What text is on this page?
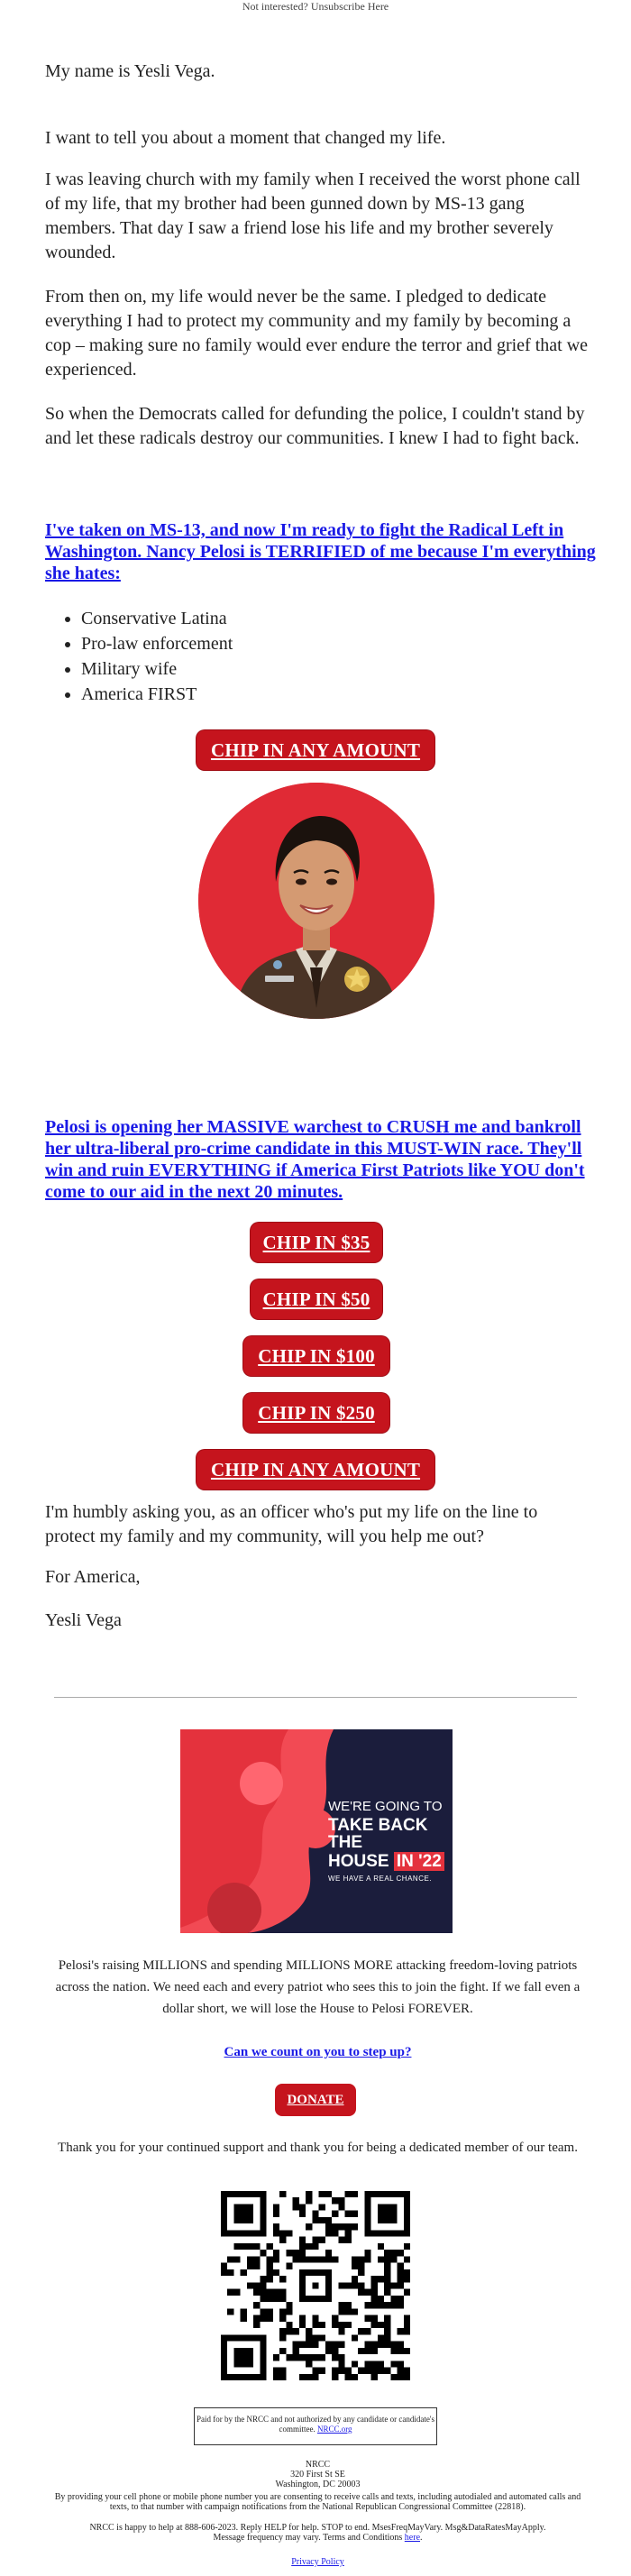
Not interested? Unsubscribe Here

My name is Yesli Vega.

I want to tell you about a moment that changed my life.

I was leaving church with my family when I received the worst phone call of my life, that my brother had been gunned down by MS-13 gang members. That day I saw a friend lose his life and my brother severely wounded.

From then on, my life would never be the same. I pledged to dedicate everything I had to protect my community and my family by becoming a cop – making sure no family would ever endure the terror and grief that we experienced.

So when the Democrats called for defunding the police, I couldn't stand by and let these radicals destroy our communities. I knew I had to fight back.

I've taken on MS-13, and now I'm ready to fight the Radical Left in Washington. Nancy Pelosi is TERRIFIED of me because I'm everything she hates:
• Conservative Latina
• Pro-law enforcement
• Military wife
• America FIRST
CHIP IN ANY AMOUNT
Pelosi is opening her MASSIVE warchest to CRUSH me and bankroll her ultra-liberal pro-crime candidate in this MUST-WIN race. They'll win and ruin EVERYTHING if America First Patriots like YOU don't come to our aid in the next 20 minutes.
CHIP IN $35
CHIP IN $50
CHIP IN $100
CHIP IN $250
CHIP IN ANY AMOUNT

I'm humbly asking you, as an officer who's put my life on the line to protect my family and my community, will you help me out?

For America,

Yesli Vega

WE'RE GOING TO
TAKE BACK THE
HOUSE IN '22
WE HAVE A REAL CHANCE.
Pelosi's raising MILLIONS and spending MILLIONS MORE attacking freedom-loving patriots across the nation. We need each and every patriot who sees this to join the fight. If we fall even a dollar short, we will lose the House to Pelosi FOREVER.
Can we count on you to step up?
DONATE
Thank you for your continued support and thank you for being a dedicated member of our team.
Paid for by the NRCC and not authorized by any candidate or candidate's committee. NRCC.org
NRCC
320 First St SE
Washington, DC 20003
By providing your cell phone or mobile phone number you are consenting to receive calls and texts, including autodialed and automated calls and texts, to that number with campaign notifications from the National Republican Congressional Committee (22818).
NRCC is happy to help at 888-606-2023. Reply HELP for help. STOP to end. MsesFreqMayVary. Msg&DataRatesMayApply. Message frequency may vary. Terms and Conditions here.
Privacy Policy
